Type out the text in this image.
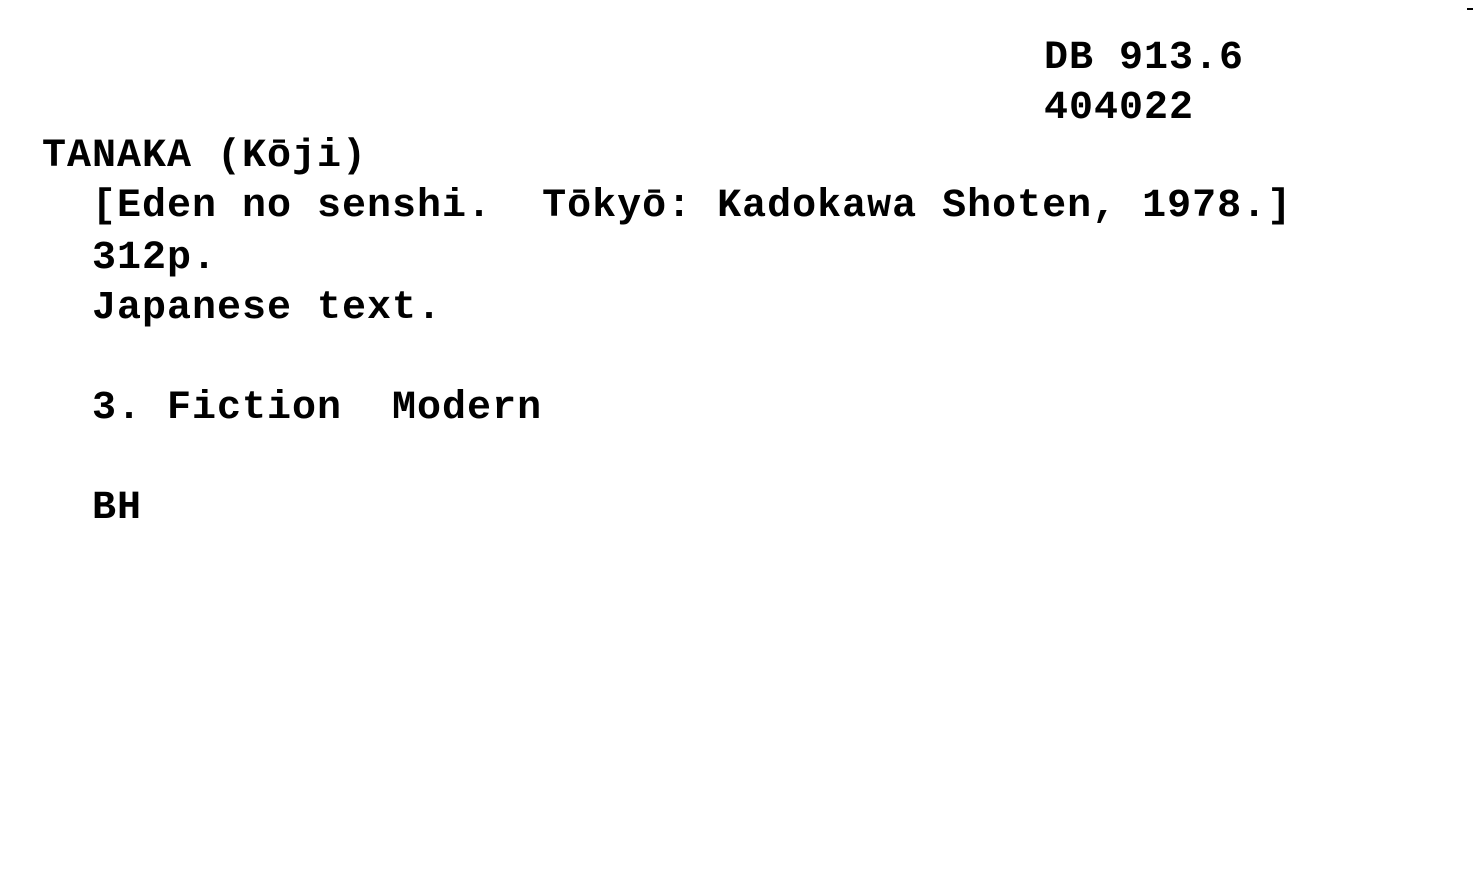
DB 913.6
404022
TANAKA (Kōji)
[Eden no senshi.  Tōkyō: Kadokawa Shoten, 1978.]
312p.
Japanese text.
3. Fiction  Modern
BH
